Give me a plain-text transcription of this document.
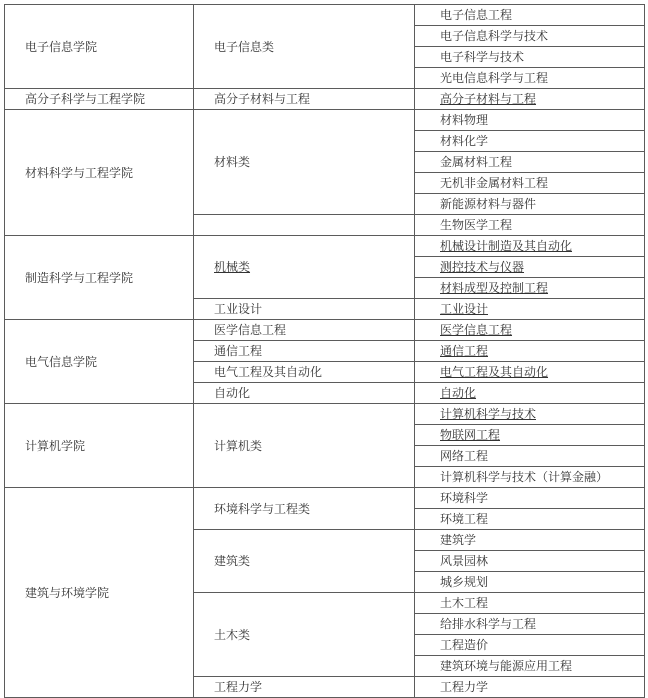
电子信息学院	电子信息类	电子信息工程
		电子信息科学与技术
		电子科学与技术
		光电信息科学与工程
高分子科学与工程学院	高分子材料与工程	高分子材料与工程
材料科学与工程学院	材料类	材料物理
		材料化学
		金属材料工程
		无机非金属材料工程
		新能源材料与器件
		生物医学工程
制造科学与工程学院	机械类	机械设计制造及其自动化
		测控技术与仪器
		材料成型及控制工程
	工业设计	工业设计
电气信息学院	医学信息工程	医学信息工程
	通信工程	通信工程
	电气工程及其自动化	电气工程及其自动化
	自动化	自动化
计算机学院	计算机类	计算机科学与技术
		物联网工程
		网络工程
		计算机科学与技术（计算金融）
建筑与环境学院	环境科学与工程类	环境科学
		环境工程
	建筑类	建筑学
		风景园林
		城乡规划
	土木类	土木工程
		给排水科学与工程
		工程造价
		建筑环境与能源应用工程
	工程力学	工程力学
